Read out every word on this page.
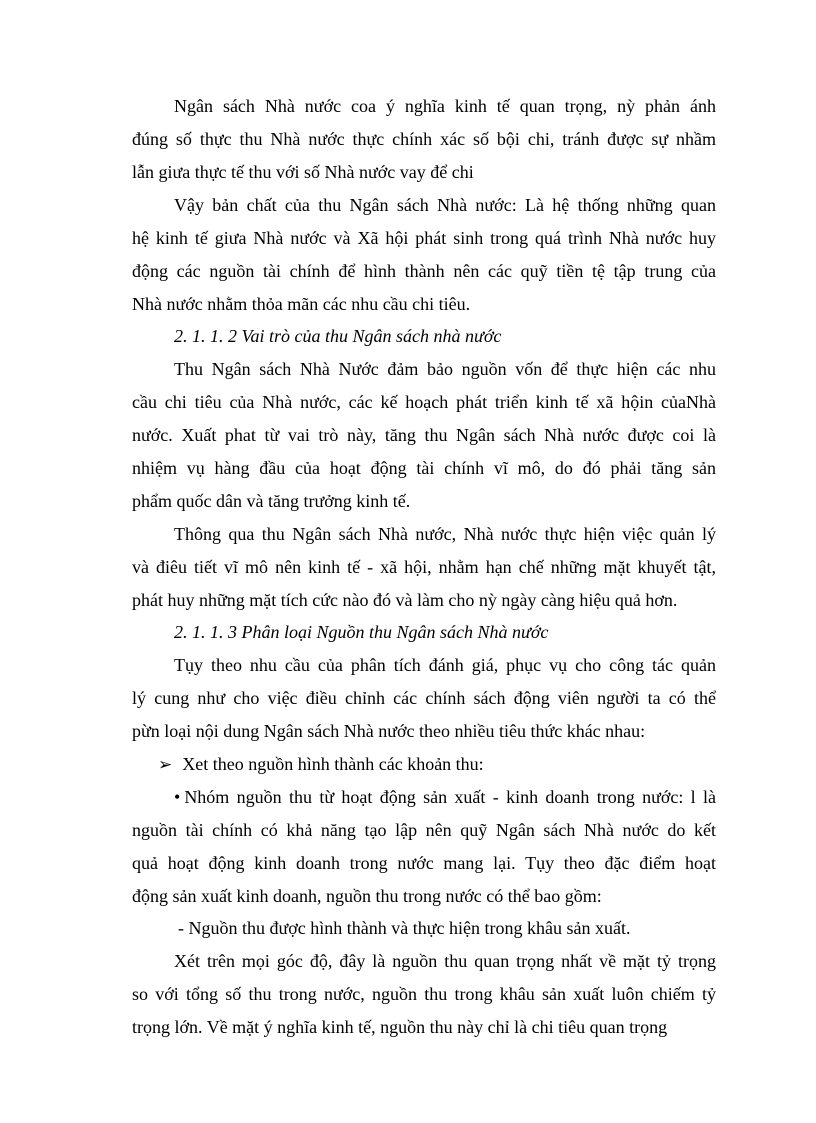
Ngân sách Nhà nước coa ý nghĩa kinh tế quan trọng, nỳ phản ánh
đúng số thực thu Nhà nước thực chính xác số bội chi, tránh được sự nhầm
lẫn giưa thực tế thu với số Nhà nước vay để chi
Vậy bản chất của thu Ngân sách Nhà nước: Là hệ thống những quan
hệ kinh tế giưa Nhà nước và Xã hội phát sinh trong quá trình Nhà nước huy
động các nguồn tài chính để hình thành nên các quỹ tiền tệ tập trung của
Nhà nước nhằm thỏa mãn các nhu cầu chi tiêu.
2. 1. 1. 2 Vai trò của thu Ngân sách nhà nước
Thu Ngân sách Nhà Nước đảm bảo nguồn vốn để thực hiện các nhu
cầu chi tiêu của Nhà nước, các kế hoạch phát triển kinh tế xã hộin củaNhà
nước. Xuất phat từ vai trò này, tăng thu Ngân sách Nhà nước được coi là
nhiệm vụ hàng đầu của hoạt động tài chính vĩ mô, do đó phải tăng sản
phẩm quốc dân và tăng trưởng kinh tế.
Thông qua thu Ngân sách Nhà nước, Nhà nước thực hiện việc quản lý
và điêu tiết vĩ mô nên kinh tế - xã hội, nhằm hạn chế những mặt khuyết tật,
phát huy những mặt tích cức nào đó và làm cho nỳ ngày càng hiệu quả hơn.
2. 1. 1. 3 Phân loại Nguồn thu Ngân sách Nhà nước
Tụy theo nhu cầu của phân tích đánh giá, phục vụ cho công tác quản
lý cung như cho việc điều chỉnh các chính sách động viên người ta có thể
pừn loại nội dung Ngân sách Nhà nước theo nhiều tiêu thức khác nhau:
➢ Xet theo nguồn hình thành các khoản thu:
• Nhóm nguồn thu từ hoạt động sản xuất - kinh doanh trong nước: l là
nguồn tài chính có khả năng tạo lập nên quỹ Ngân sách Nhà nước do kết
quả hoạt động kinh doanh trong nước mang lại. Tụy theo đặc điểm hoạt
động sản xuất kinh doanh, nguồn thu trong nước có thể bao gồm:
- Nguồn thu được hình thành và thực hiện trong khâu sản xuất.
Xét trên mọi góc độ, đây là nguồn thu quan trọng nhất về mặt tỷ trọng
so với tổng số thu trong nước, nguồn thu trong khâu sản xuất luôn chiếm tỷ
trọng lớn. Về mặt ý nghĩa kinh tế, nguồn thu này chỉ là chi tiêu quan trọng
